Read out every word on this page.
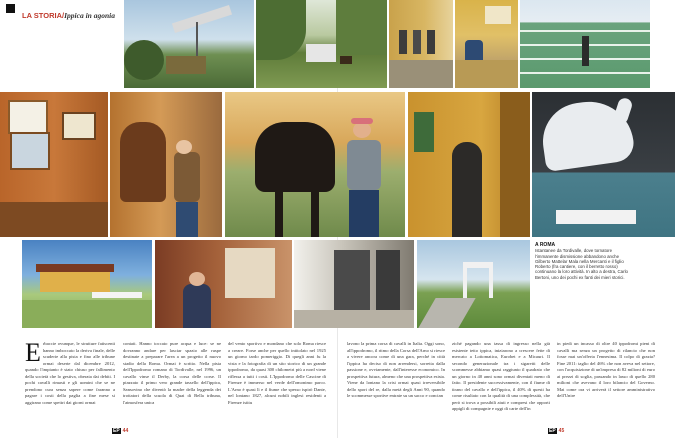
LA STORIA/Ippica in agonia
A ROMA
Istantanee da Tordivalle, dove tornatore l'immanente dismissione abbandono anche Gilberto Mattelar Mala nella Mercanti e il figlio Roberto (fra cantiere, con il berretto rosso) continuano la loro attività. In alto a destra, Carlo Bertoni, uno dei pochi ex fanti dei mieri storici.
Erbaccie ovunque, le strutture fatiscenti hanno imboccato la deriva finale, delle scuderie alla pista e fino alle tribune ormai deserte dal dicembre 2012, quando l'impianto è stato chiuso per fallimento della società che lo gestiva, oberata dai debiti. I pochi cavalli rimasti e gli uomini che se ne prendono cura senza sapere come faranno a pagare i costi della paglia a fine mese si aggirano come spettri dai giorni ormai
contati. Hanno toccato pure acqua e luce: se ne dovranno andare per lasciar spazio alle ruspe destinate a preparare l'area a un progetto il nuovo stadio della Roma. Ormai è scritto. Nella pista dell'Ippodromo romano di Tordivalle, nel 1996, un cavallo vinse il Derby, la corsa delle corse. Il piazzato il primo vero grande tassello dell'ippica, Sansovino che diventò la madre della leggenda dei trottatori della scuola di Quai di Bella tribuna, l'atmosfera unica
del vento sportivo e mondano che solo Roma riesce a creare. Forse anche per quello intitolato nel 1925 un giorno tardo pomeriggio. Di quegli anni fu la vista e la fotografia di un sito storico di un grande ippodromo, da quasi 300 chilometri più a nord viene riflessa a tutti i costi. L'Ippodromo delle Cascine di Firenze è immerso nel verde dell'omonimo parco. L'Arno è quasi lì e il fiume che spesso ispirò Dante, nel lontano 1827, alcuni nobili inglesi residenti a Firenze istitu
lavono la prima corsa di cavalli in Italia. Oggi sono, all'ippodromo, il ritmo della Corsa dell'Arno si riesce a vivere ancora come di una gara, perché in città l'ippica ha deciso di non arrendersi, sorretta dalla passione e, ovviamente, dall'interesse economico. In prospettiva futura, almeno che una prospettiva esista. Viene da lontano la crisi ormai quasi irreversibile dello sport del re, dalla metà degli Anni 90, quando le scommesse sportive entrate su un sacco e concian
ziché pagando una tassa di ingresso nella già esistente tetto ippica, iniziarono a crescere fette di mercato a Lottomatica, Eurobet e a Micauri. Il secondo generazionale tra i sigaretti delle scommesse abbiamo quasi raggiunto il quadrato che un giorno in 40 anni sono ormai diventati meno di fatto. Il presidente successivamente, con il fiume di tirano del cavallo e dell'ippica, il 40% di questi ha come risultato con la qualità di una complessità, che però si trova a possibili aiuti e compresi che opporti appigli di compagnie e oggi di carte dell'in
in piedi un incasso di oltre 40 ippodromi pieni di cavalli ma senza un progetto di rilancio che non fosse mai un'offerta l'ennesima. Il colpo di grazia? Fine 2011: taglio del 46% che non aveva nel settore, con l'acquisizione di un'impresa di 82 milioni di euro ai prezzi di soglia, passando in lasso di quello 280 milioni che avevano il loro bilancio del Governo. Mai come ora vi arriverà il settore amministrativo dell'Unire
EP 44	EP 45
